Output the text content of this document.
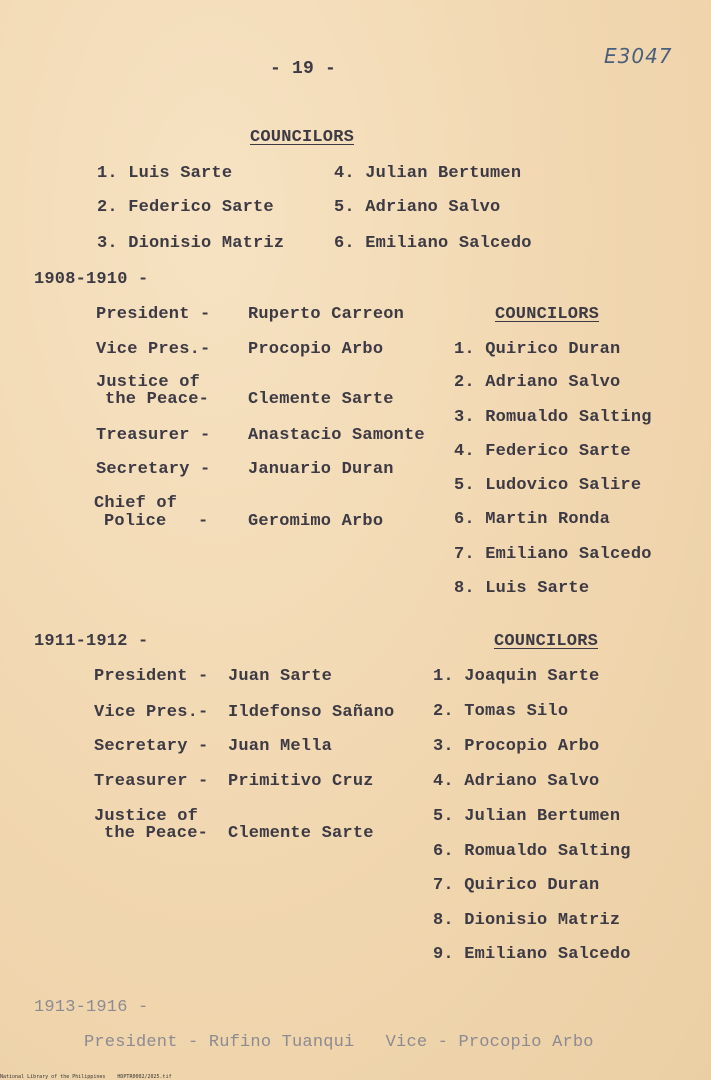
- 19 -
E3047
COUNCILORS
1. Luis Sarte
2. Federico Sarte
3. Dionisio Matriz
4. Julian Bertumen
5. Adriano Salvo
6. Emiliano Salcedo
1908-1910 -
President - Ruperto Carreon
Vice Pres.- Procopio Arbo
Justice of
the Peace- Clemente Sarte
Treasurer - Anastacio Samonte
Secretary - Januario Duran
Chief of
Police - Geromimo Arbo
COUNCILORS
1. Quirico Duran
2. Adriano Salvo
3. Romualdo Salting
4. Federico Sarte
5. Ludovico Salire
6. Martin Ronda
7. Emiliano Salcedo
8. Luis Sarte
1911-1912 -	COUNCILORS
President - Juan Sarte
Vice Pres.- Ildefonso Sañano
Secretary - Juan Mella
Treasurer - Primitivo Cruz
Justice of
the Peace- Clemente Sarte
1. Joaquin Sarte
2. Tomas Silo
3. Procopio Arbo
4. Adriano Salvo
5. Julian Bertumen
6. Romualdo Salting
7. Quirico Duran
8. Dionisio Matriz
9. Emiliano Salcedo
1913-1916 -
President - Rufino Tuanqui   Vice - Procopio Arbo
National Library of the Philippines    HDPTR0002/2025.tif
